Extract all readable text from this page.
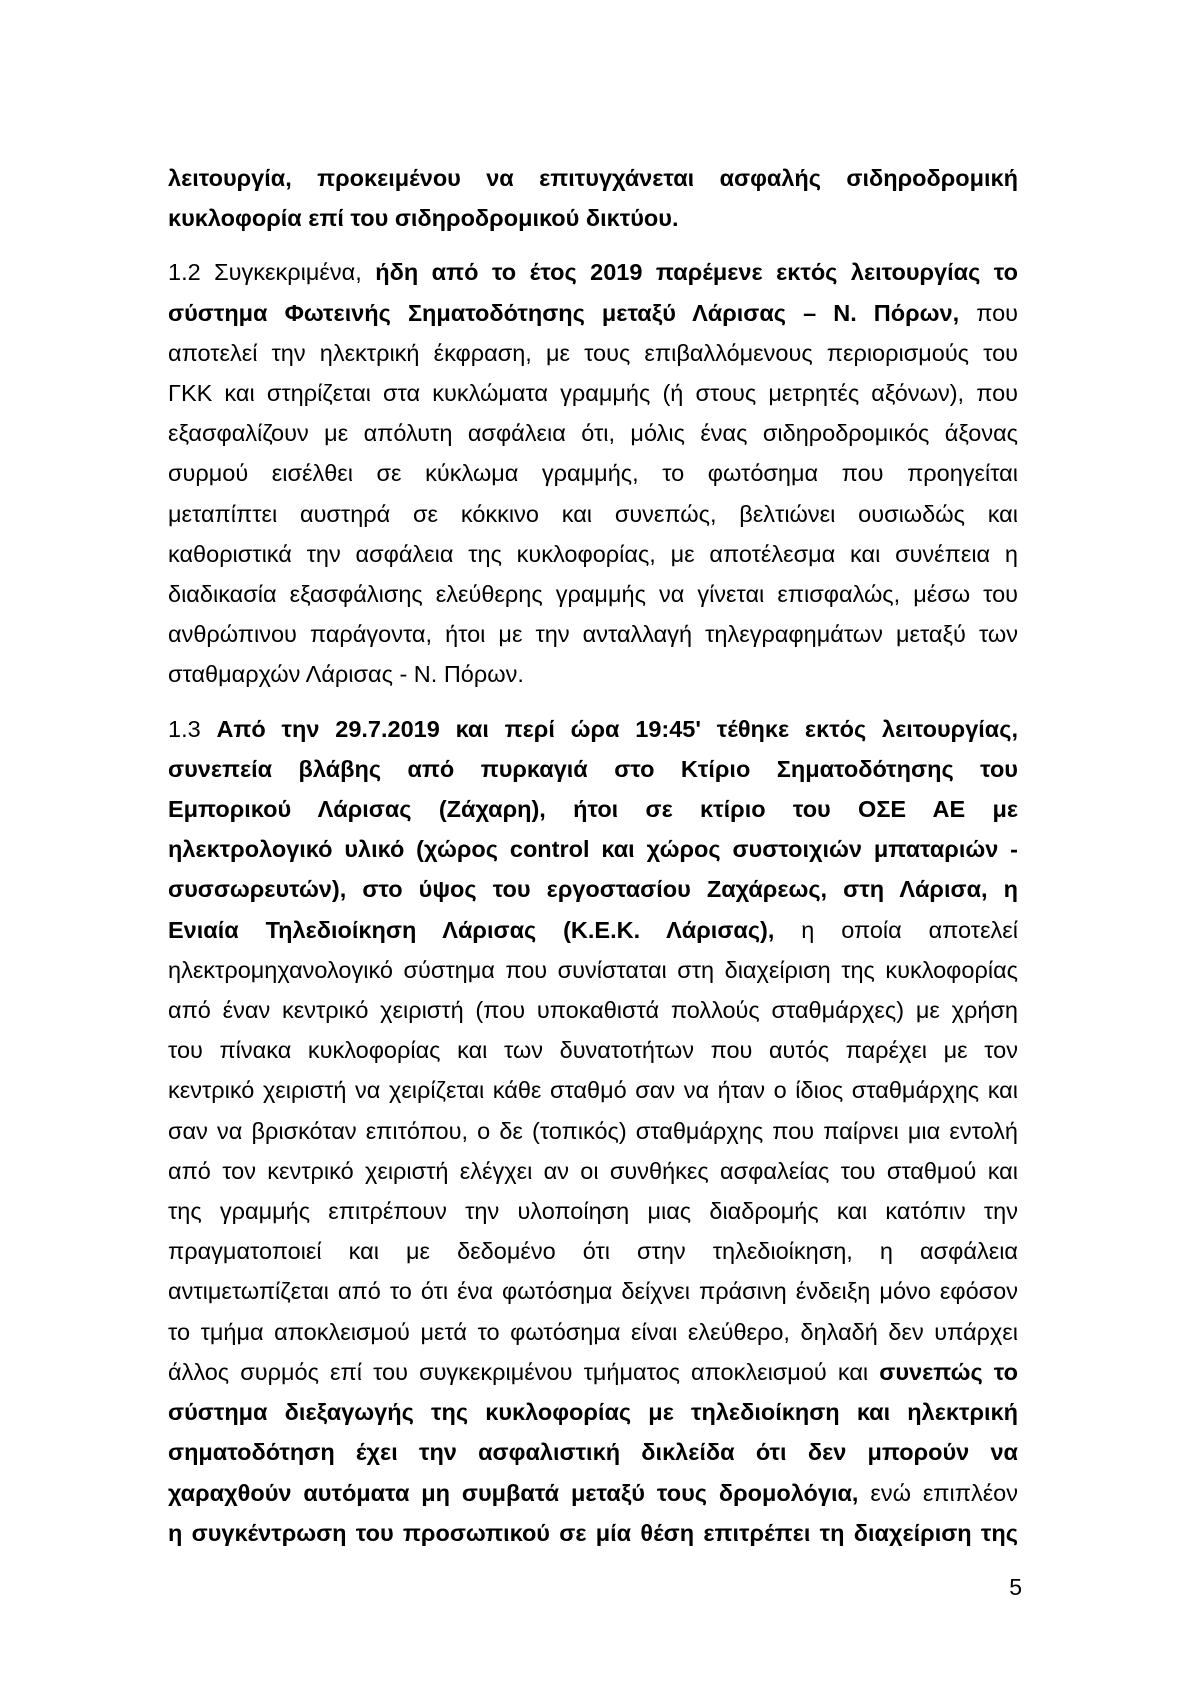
λειτουργία, προκειμένου να επιτυγχάνεται ασφαλής σιδηροδρομική
κυκλοφορία επί του σιδηροδρομικού δικτύου.
1.2 Συγκεκριμένα, ήδη από το έτος 2019 παρέμενε εκτός λειτουργίας το
σύστημα Φωτεινής Σηματοδότησης μεταξύ Λάρισας – Ν. Πόρων, που
αποτελεί την ηλεκτρική έκφραση, με τους επιβαλλόμενους περιορισμούς του
ΓΚΚ και στηρίζεται στα κυκλώματα γραμμής (ή στους μετρητές αξόνων), που
εξασφαλίζουν με απόλυτη ασφάλεια ότι, μόλις ένας σιδηροδρομικός άξονας
συρμού εισέλθει σε κύκλωμα γραμμής, το φωτόσημα που προηγείται
μεταπίπτει αυστηρά σε κόκκινο και συνεπώς, βελτιώνει ουσιωδώς και
καθοριστικά την ασφάλεια της κυκλοφορίας, με αποτέλεσμα και συνέπεια η
διαδικασία εξασφάλισης ελεύθερης γραμμής να γίνεται επισφαλώς, μέσω του
ανθρώπινου παράγοντα, ήτοι με την ανταλλαγή τηλεγραφημάτων μεταξύ των
σταθμαρχών Λάρισας - Ν. Πόρων.
1.3 Από την 29.7.2019 και περί ώρα 19:45' τέθηκε εκτός λειτουργίας,
συνεπεία βλάβης από πυρκαγιά στο Κτίριο Σηματοδότησης του
Εμπορικού Λάρισας (Ζάχαρη), ήτοι σε κτίριο του ΟΣΕ ΑΕ με
ηλεκτρολογικό υλικό (χώρος control και χώρος συστοιχιών μπαταριών -
συσσωρευτών), στο ύψος του εργοστασίου Ζαχάρεως, στη Λάρισα, η
Ενιαία Τηλεδιοίκηση Λάρισας (Κ.Ε.Κ. Λάρισας), η οποία αποτελεί
ηλεκτρομηχανολογικό σύστημα που συνίσταται στη διαχείριση της κυκλοφορίας
από έναν κεντρικό χειριστή (που υποκαθιστά πολλούς σταθμάρχες) με χρήση
του πίνακα κυκλοφορίας και των δυνατοτήτων που αυτός παρέχει με τον
κεντρικό χειριστή να χειρίζεται κάθε σταθμό σαν να ήταν ο ίδιος σταθμάρχης και
σαν να βρισκόταν επιτόπου, ο δε (τοπικός) σταθμάρχης που παίρνει μια εντολή
από τον κεντρικό χειριστή ελέγχει αν οι συνθήκες ασφαλείας του σταθμού και
της γραμμής επιτρέπουν την υλοποίηση μιας διαδρομής και κατόπιν την
πραγματοποιεί και με δεδομένο ότι στην τηλεδιοίκηση, η ασφάλεια
αντιμετωπίζεται από το ότι ένα φωτόσημα δείχνει πράσινη ένδειξη μόνο εφόσον
το τμήμα αποκλεισμού μετά το φωτόσημα είναι ελεύθερο, δηλαδή δεν υπάρχει
άλλος συρμός επί του συγκεκριμένου τμήματος αποκλεισμού και συνεπώς το
σύστημα διεξαγωγής της κυκλοφορίας με τηλεδιοίκηση και ηλεκτρική
σηματοδότηση έχει την ασφαλιστική δικλείδα ότι δεν μπορούν να
χαραχθούν αυτόματα μη συμβατά μεταξύ τους δρομολόγια, ενώ επιπλέον
η συγκέντρωση του προσωπικού σε μία θέση επιτρέπει τη διαχείριση της
5
